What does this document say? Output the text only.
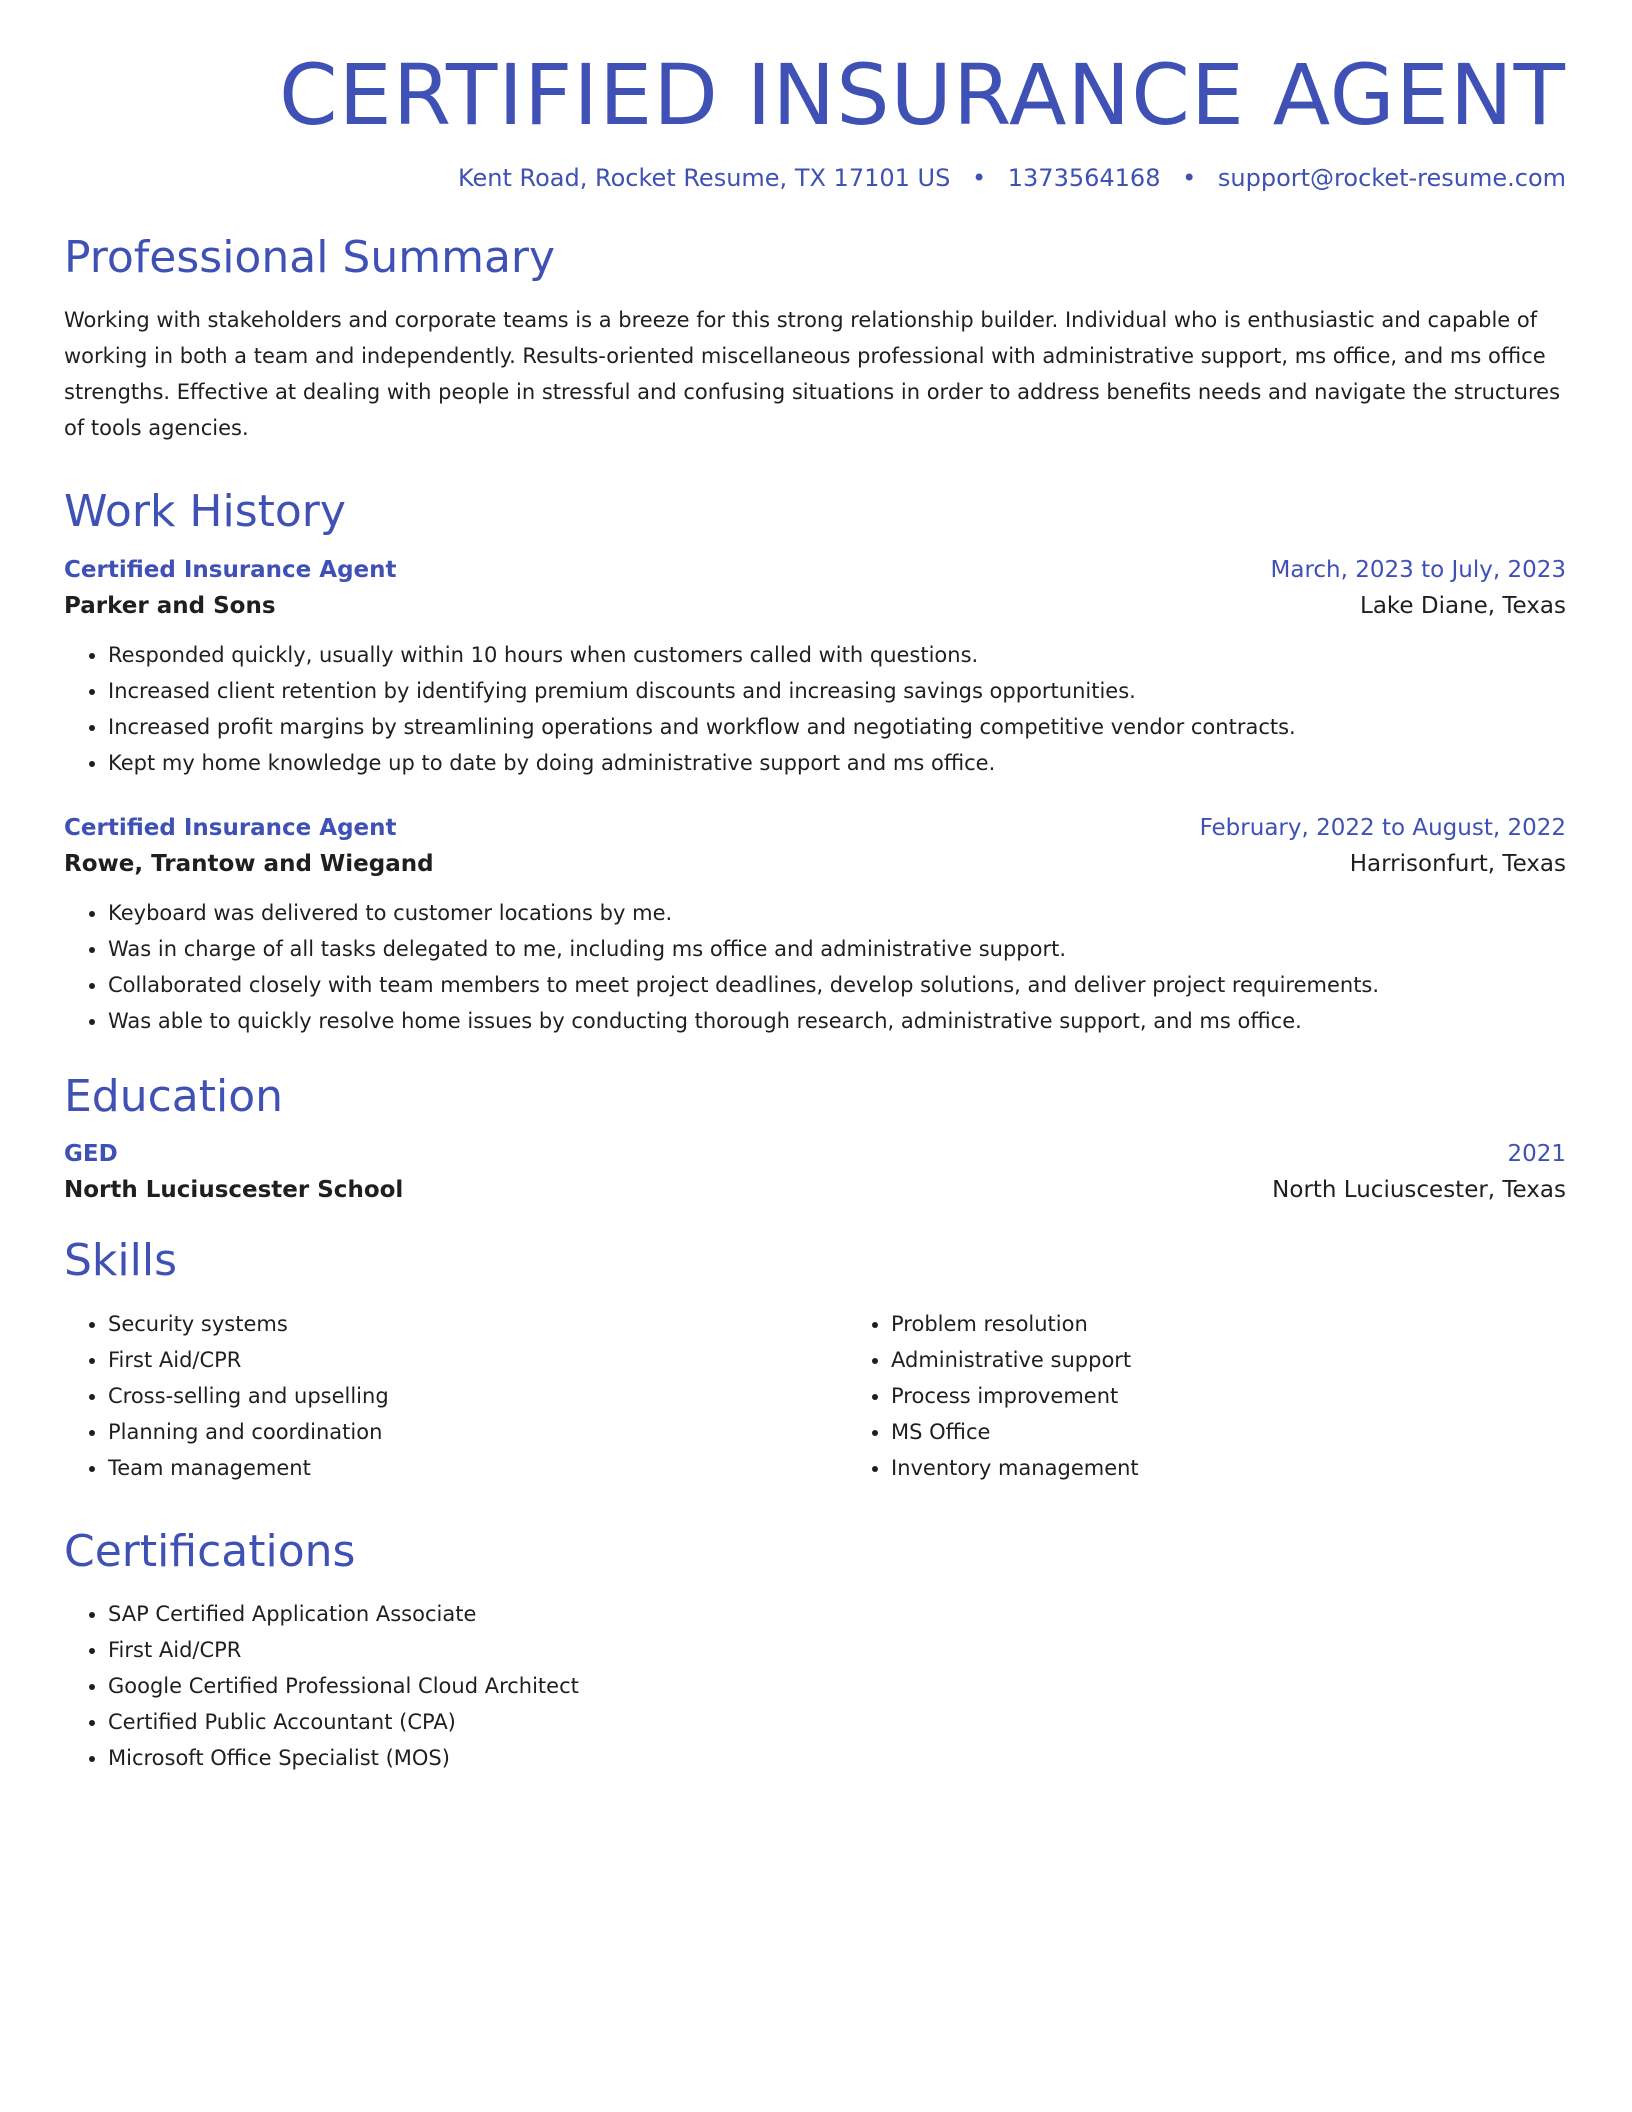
CERTIFIED INSURANCE AGENT
Kent Road, Rocket Resume, TX 17101 US • 1373564168 • support@rocket-resume.com
Professional Summary

Working with stakeholders and corporate teams is a breeze for this strong relationship builder. Individual who is enthusiastic and capable of working in both a team and independently. Results-oriented miscellaneous professional with administrative support, ms office, and ms office strengths. Effective at dealing with people in stressful and confusing situations in order to address benefits needs and navigate the structures of tools agencies.

Work History
Certified Insurance Agent	March, 2023 to July, 2023
Parker and Sons	Lake Diane, Texas
• Responded quickly, usually within 10 hours when customers called with questions.
• Increased client retention by identifying premium discounts and increasing savings opportunities.
• Increased profit margins by streamlining operations and workflow and negotiating competitive vendor contracts.
• Kept my home knowledge up to date by doing administrative support and ms office.
Certified Insurance Agent	February, 2022 to August, 2022
Rowe, Trantow and Wiegand	Harrisonfurt, Texas
• Keyboard was delivered to customer locations by me.
• Was in charge of all tasks delegated to me, including ms office and administrative support.
• Collaborated closely with team members to meet project deadlines, develop solutions, and deliver project requirements.
• Was able to quickly resolve home issues by conducting thorough research, administrative support, and ms office.
Education
GED	2021
North Luciuscester School	North Luciuscester, Texas
Skills
• Security systems
• First Aid/CPR
• Cross-selling and upselling
• Planning and coordination
• Team management
• Problem resolution
• Administrative support
• Process improvement
• MS Office
• Inventory management
Certifications
• SAP Certified Application Associate
• First Aid/CPR
• Google Certified Professional Cloud Architect
• Certified Public Accountant (CPA)
• Microsoft Office Specialist (MOS)
